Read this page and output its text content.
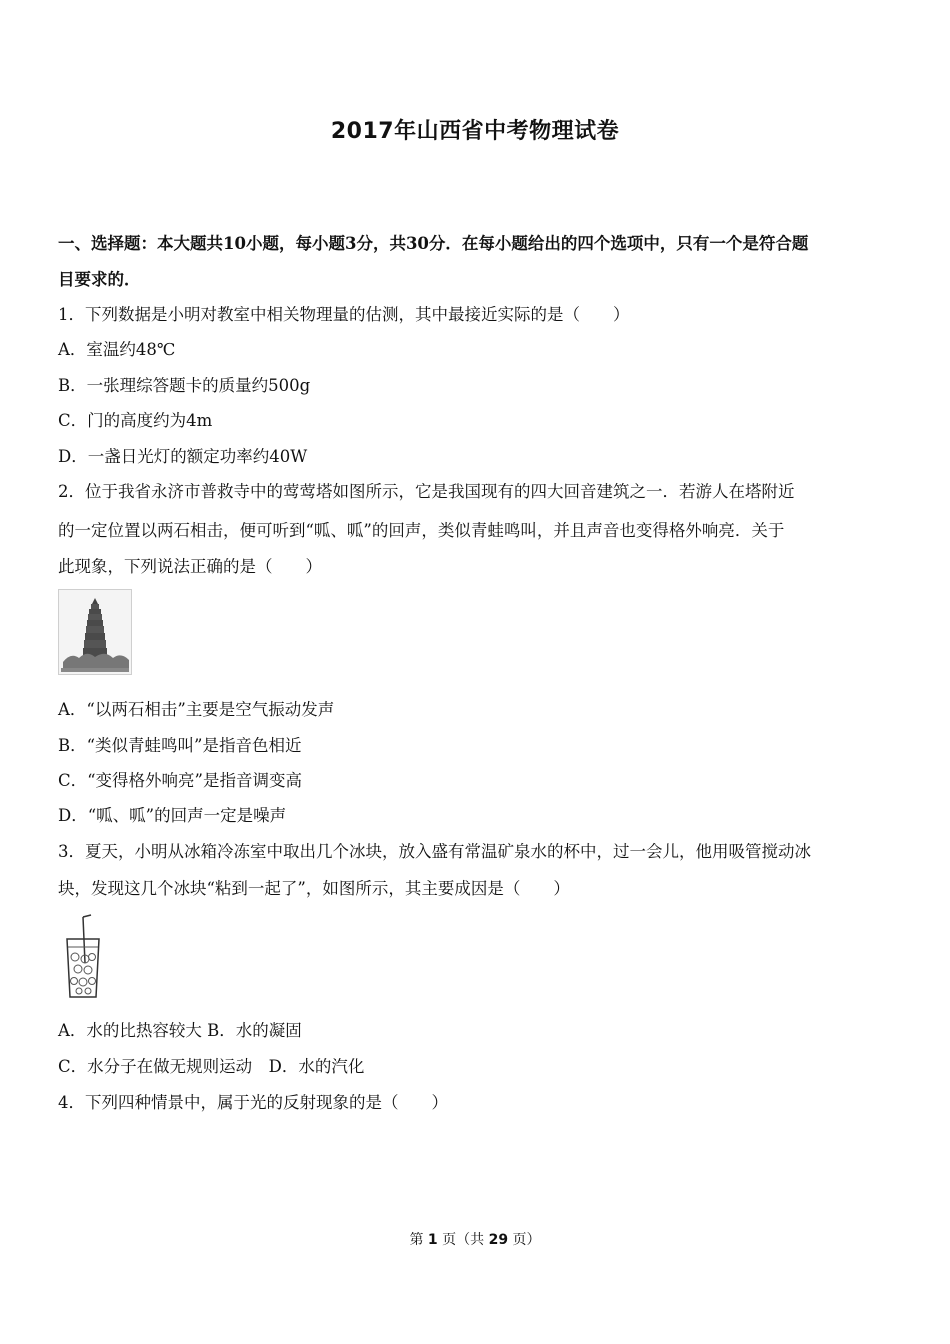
2017年山西省中考物理试卷
一、选择题：本大题共10小题，每小题3分，共30分．在每小题给出的四个选项中，只有一个是符合题
目要求的．
1．下列数据是小明对教室中相关物理量的估测，其中最接近实际的是（　　）
A．室温约48℃
B．一张理综答题卡的质量约500g
C．门的高度约为4m
D．一盏日光灯的额定功率约40W
2．位于我省永济市普救寺中的莺莺塔如图所示，它是我国现有的四大回音建筑之一．若游人在塔附近
的一定位置以两石相击，便可听到“呱、呱”的回声，类似青蛙鸣叫，并且声音也变得格外响亮．关于
此现象，下列说法正确的是（　　）
A．“以两石相击”主要是空气振动发声
B．“类似青蛙鸣叫”是指音色相近
C．“变得格外响亮”是指音调变高
D．“呱、呱”的回声一定是噪声
3．夏天，小明从冰箱冷冻室中取出几个冰块，放入盛有常温矿泉水的杯中，过一会儿，他用吸管搅动冰
块，发现这几个冰块“粘到一起了”，如图所示，其主要成因是（　　）
A．水的比热容较大 B．水的凝固
C．水分子在做无规则运动　D．水的汽化
4．下列四种情景中，属于光的反射现象的是（　　）
第 1 页（共 29 页）
